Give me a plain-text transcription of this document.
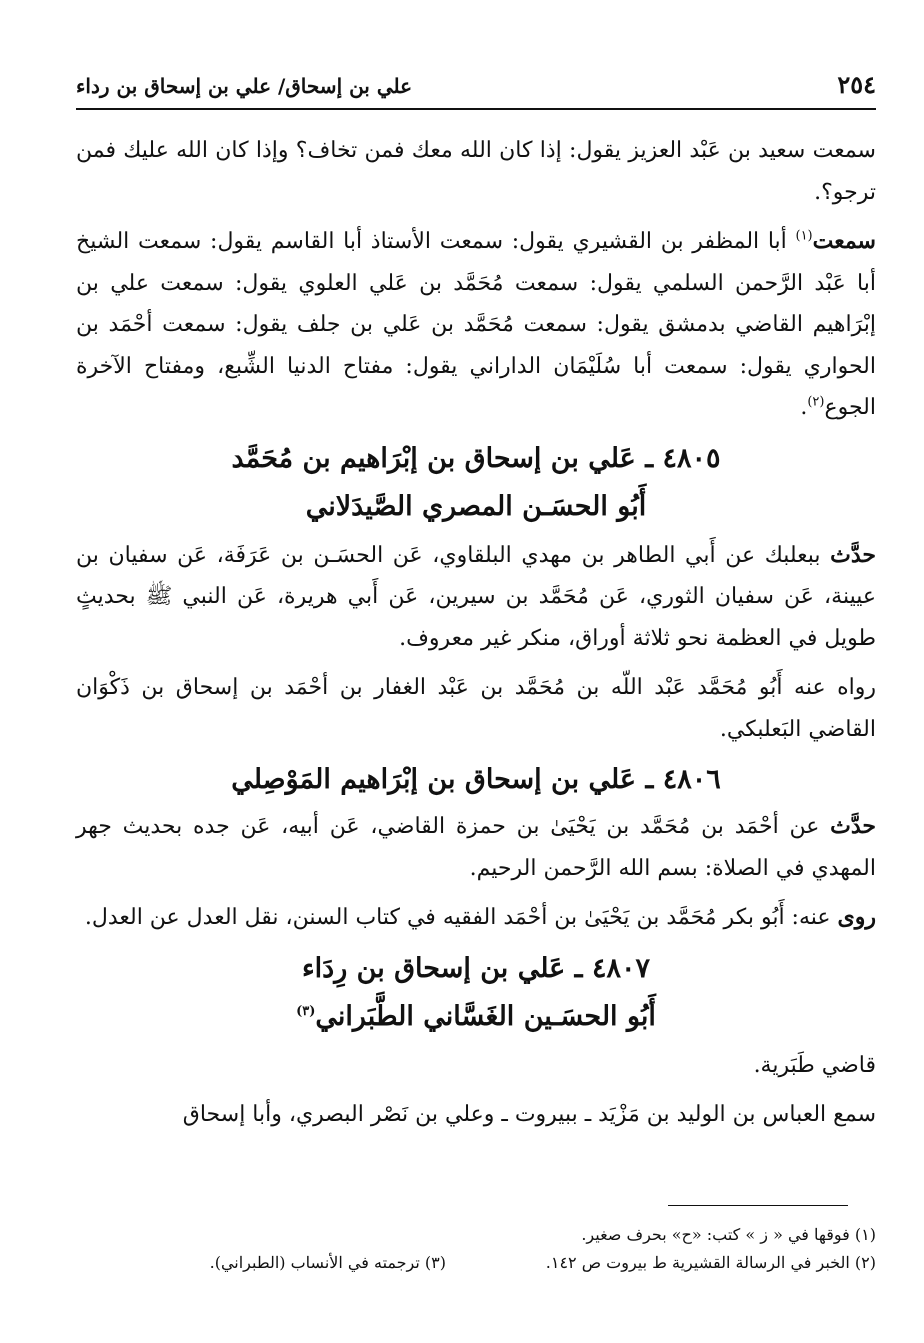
٢٥٤
علي بن إسحاق/ علي بن إسحاق بن رداء

سمعت سعيد بن عَبْد العزيز يقول: إذا كان الله معك فمن تخاف؟ وإذا كان الله عليك فمن ترجو؟.

سمعت$^{(١)}$ أبا المظفر بن القشيري يقول: سمعت الأستاذ أبا القاسم يقول: سمعت الشيخ أبا عَبْد الرَّحمن السلمي يقول: سمعت مُحَمَّد بن عَلي العلوي يقول: سمعت علي بن إبْرَاهيم القاضي بدمشق يقول: سمعت مُحَمَّد بن عَلي بن جلف يقول: سمعت أحْمَد بن الحواري يقول: سمعت أبا سُلَيْمَان الداراني يقول: مفتاح الدنيا الشِّبع، ومفتاح الآخرة الجوع$^{(٢)}$.

٤٨٠٥ ـ عَلي بن إسحاق بن إبْرَاهيم بن مُحَمَّد
أَبُو الحسَـن المصري الصَّيدَلاني

حدَّث ببعلبك عن أَبي الطاهر بن مهدي البلقاوي، عَن الحسَـن بن عَرَفَة، عَن سفيان بن عيينة، عَن سفيان الثوري، عَن مُحَمَّد بن سيرين، عَن أَبي هريرة، عَن النبي ﷺ بحديثٍ طويل في العظمة نحو ثلاثة أوراق، منكر غير معروف.

رواه عنه أَبُو مُحَمَّد عَبْد اللّه بن مُحَمَّد بن عَبْد الغفار بن أحْمَد بن إسحاق بن ذَكْوَان القاضي البَعلبكي.

٤٨٠٦ ـ عَلي بن إسحاق بن إبْرَاهيم المَوْصِلي

حدَّث عن أحْمَد بن مُحَمَّد بن يَحْيَىٰ بن حمزة القاضي، عَن أبيه، عَن جده بحديث جهر المهدي في الصلاة: بسم الله الرَّحمن الرحيم.

روى عنه: أَبُو بكر مُحَمَّد بن يَحْيَىٰ بن أحْمَد الفقيه في كتاب السنن، نقل العدل عن العدل.

٤٨٠٧ ـ عَلي بن إسحاق بن رِدَاء
أَبُو الحسَـين الغَسَّاني الطَّبَراني$^{(٣)}$

قاضي طَبَرية.

سمع العباس بن الوليد بن مَزْيَد ـ ببيروت ـ وعلي بن نَصْر البصري، وأبا إسحاق

(١) فوقها في « ز » كتب: «ح» بحرف صغير.
(٢) الخبر في الرسالة القشيرية ط بيروت ص ١٤٢.
(٣) ترجمته في الأنساب (الطبراني).
